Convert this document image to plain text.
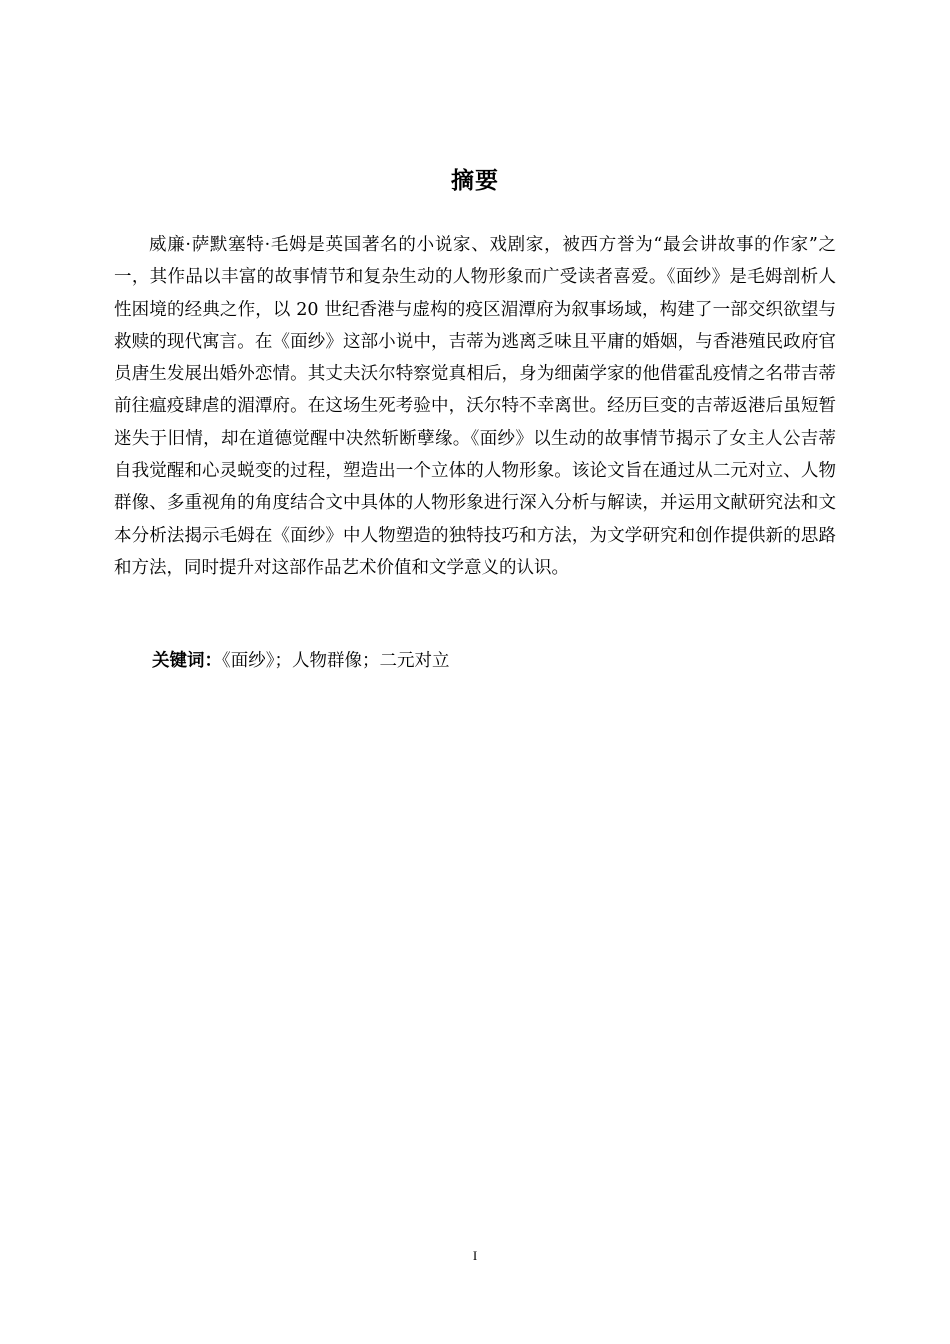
摘要

威廉·萨默塞特·毛姆是英国著名的小说家、戏剧家，被西方誉为“最会讲故事的作家”之一，其作品以丰富的故事情节和复杂生动的人物形象而广受读者喜爱。《面纱》是毛姆剖析人性困境的经典之作，以 20 世纪香港与虚构的疫区湄潭府为叙事场域，构建了一部交织欲望与救赎的现代寓言。在《面纱》这部小说中，吉蒂为逃离乏味且平庸的婚姻，与香港殖民政府官员唐生发展出婚外恋情。其丈夫沃尔特察觉真相后，身为细菌学家的他借霍乱疫情之名带吉蒂前往瘟疫肆虐的湄潭府。在这场生死考验中，沃尔特不幸离世。经历巨变的吉蒂返港后虽短暂迷失于旧情，却在道德觉醒中决然斩断孽缘。《面纱》以生动的故事情节揭示了女主人公吉蒂自我觉醒和心灵蜕变的过程，塑造出一个立体的人物形象。该论文旨在通过从二元对立、人物群像、多重视角的角度结合文中具体的人物形象进行深入分析与解读，并运用文献研究法和文本分析法揭示毛姆在《面纱》中人物塑造的独特技巧和方法，为文学研究和创作提供新的思路和方法，同时提升对这部作品艺术价值和文学意义的认识。

关键词：《面纱》；人物群像；二元对立

I
